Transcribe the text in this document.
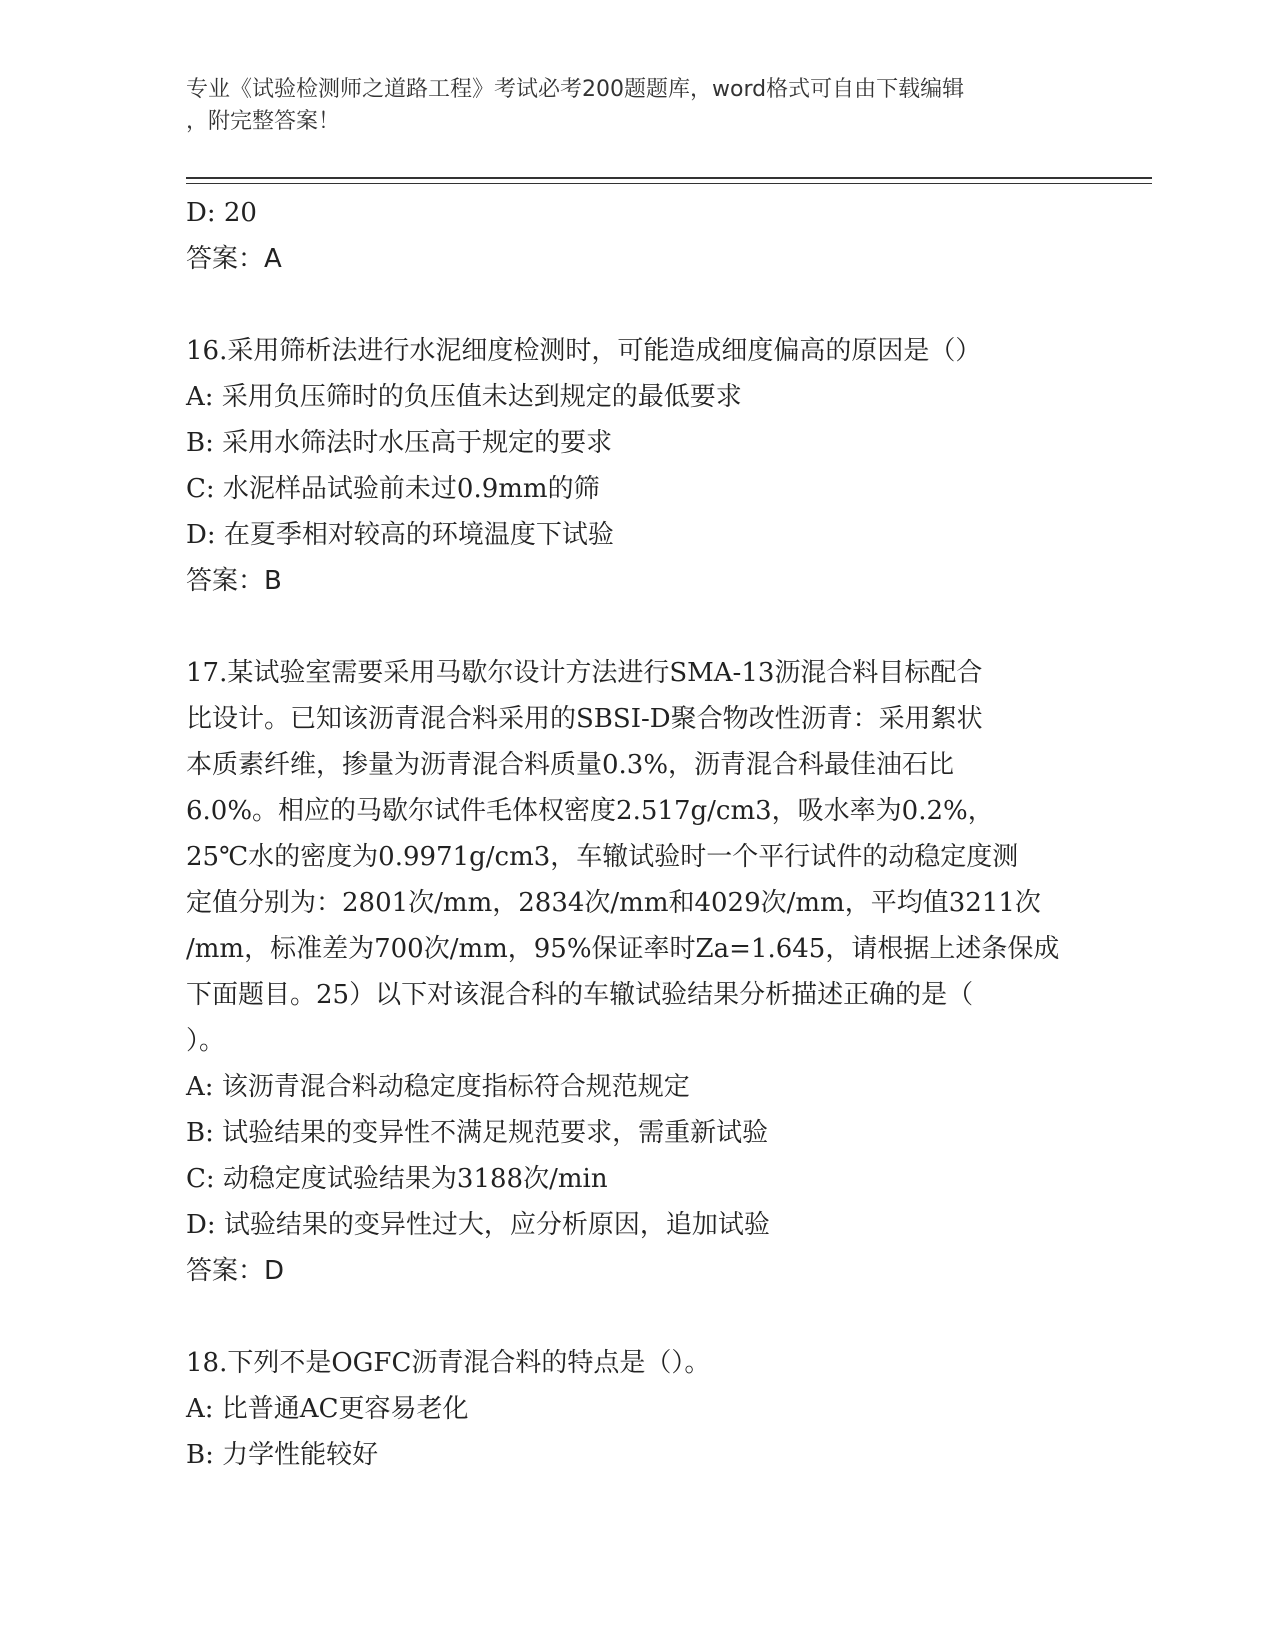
专业《试验检测师之道路工程》考试必考200题题库，word格式可自由下载编辑
，附完整答案！
D: 20
答案：A
16.采用筛析法进行水泥细度检测时，可能造成细度偏高的原因是（）
A: 采用负压筛时的负压值未达到规定的最低要求
B: 采用水筛法时水压高于规定的要求
C: 水泥样品试验前未过0.9mm的筛
D: 在夏季相对较高的环境温度下试验
答案：B
17.某试验室需要采用马歇尔设计方法进行SMA-13沥混合料目标配合
比设计。已知该沥青混合料采用的SBSI-D聚合物改性沥青：采用絮状
本质素纤维，掺量为沥青混合料质量0.3%，沥青混合科最佳油石比
6.0%。相应的马歇尔试件毛体权密度2.517g/cm3，吸水率为0.2%，
25℃水的密度为0.9971g/cm3，车辙试验时一个平行试件的动稳定度测
定值分别为：2801次/mm，2834次/mm和4029次/mm，平均值3211次
/mm，标准差为700次/mm，95%保证率时Za=1.645，请根据上述条保成
下面题目。25）以下对该混合科的车辙试验结果分析描述正确的是（
）。
A: 该沥青混合料动稳定度指标符合规范规定
B: 试验结果的变异性不满足规范要求，需重新试验
C: 动稳定度试验结果为3188次/min
D: 试验结果的变异性过大，应分析原因，追加试验
答案：D
18.下列不是OGFC沥青混合料的特点是（）。
A: 比普通AC更容易老化
B: 力学性能较好
